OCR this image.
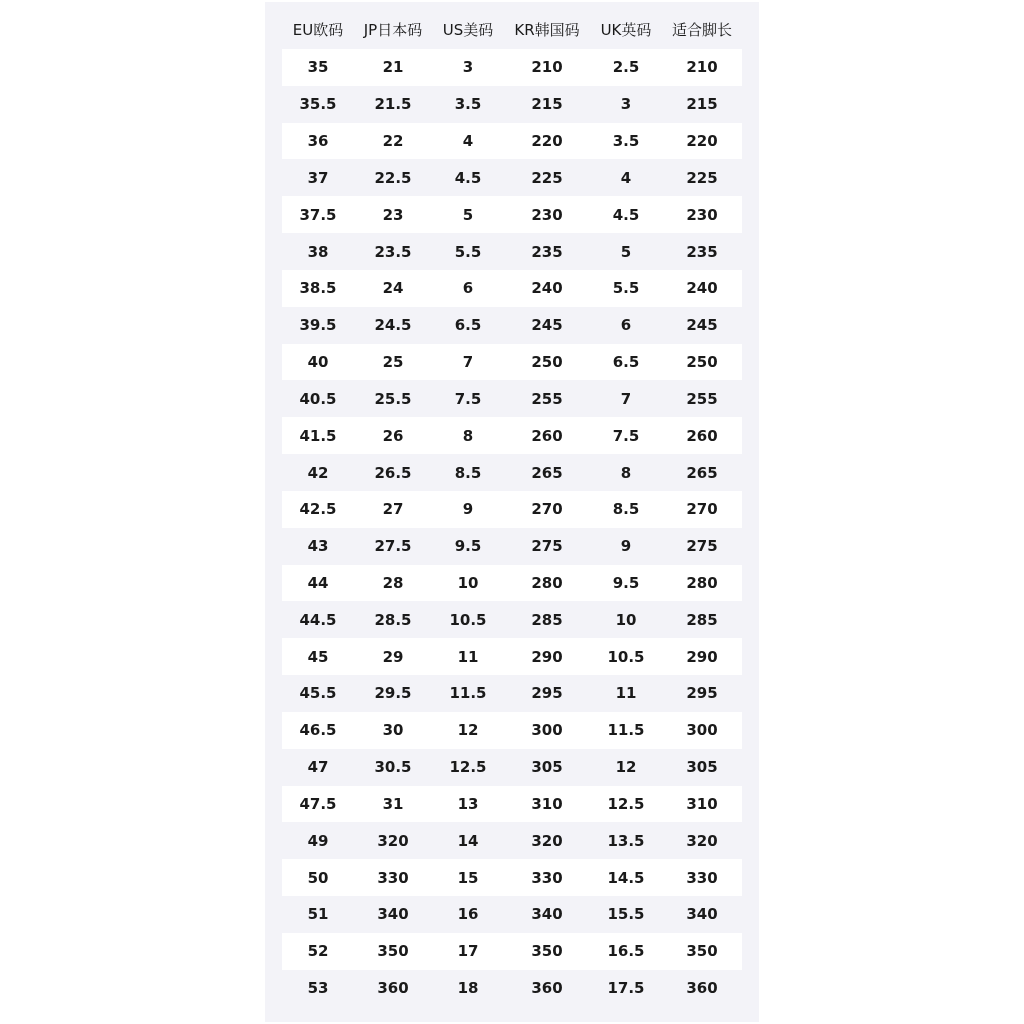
EU欧码	JP日本码	US美码	KR韩国码	UK英码	适合脚长
35	21	3	210	2.5	210
35.5	21.5	3.5	215	3	215
36	22	4	220	3.5	220
37	22.5	4.5	225	4	225
37.5	23	5	230	4.5	230
38	23.5	5.5	235	5	235
38.5	24	6	240	5.5	240
39.5	24.5	6.5	245	6	245
40	25	7	250	6.5	250
40.5	25.5	7.5	255	7	255
41.5	26	8	260	7.5	260
42	26.5	8.5	265	8	265
42.5	27	9	270	8.5	270
43	27.5	9.5	275	9	275
44	28	10	280	9.5	280
44.5	28.5	10.5	285	10	285
45	29	11	290	10.5	290
45.5	29.5	11.5	295	11	295
46.5	30	12	300	11.5	300
47	30.5	12.5	305	12	305
47.5	31	13	310	12.5	310
49	320	14	320	13.5	320
50	330	15	330	14.5	330
51	340	16	340	15.5	340
52	350	17	350	16.5	350
53	360	18	360	17.5	360
